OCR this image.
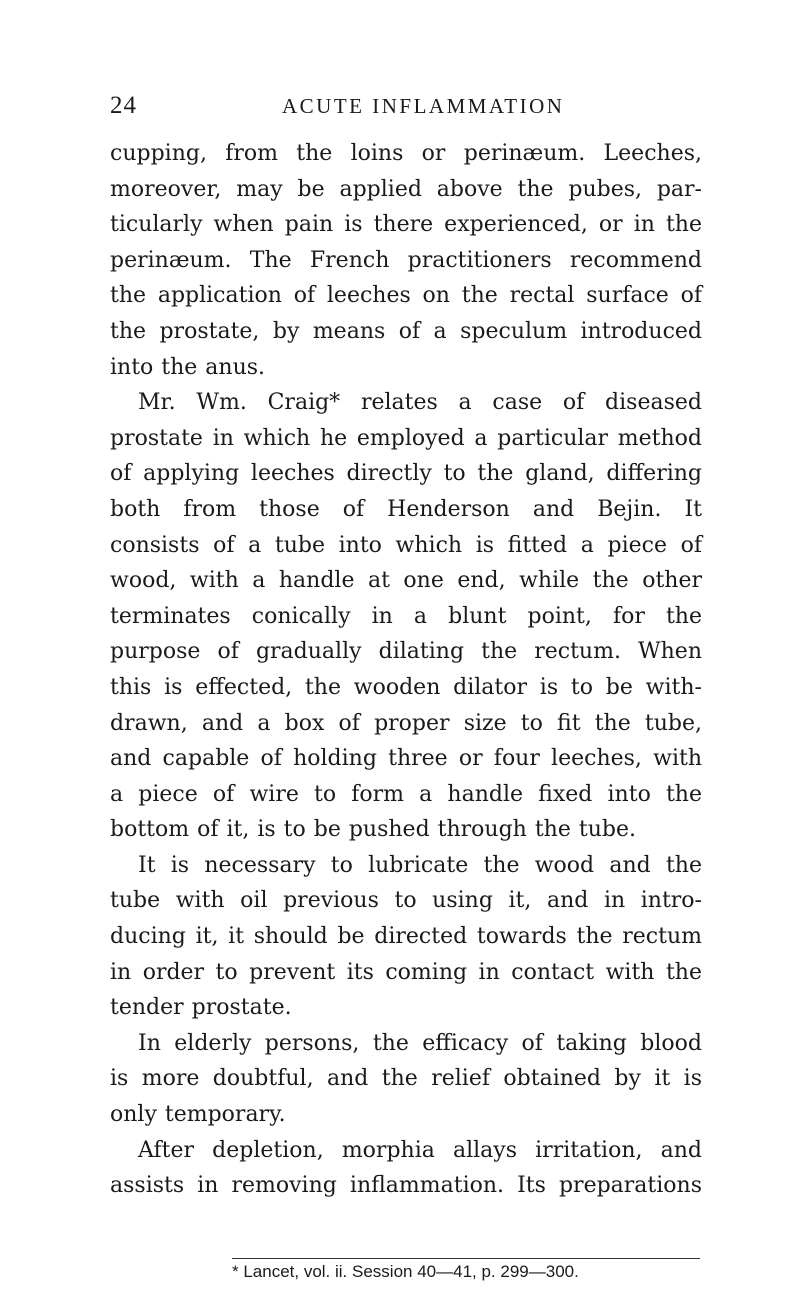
24	ACUTE INFLAMMATION

cupping, from the loins or perinæum. Leeches,

moreover, may be applied above the pubes, par-

ticularly when pain is there experienced, or in the

perinæum. The French practitioners recommend

the application of leeches on the rectal surface of

the prostate, by means of a speculum introduced

into the anus.

Mr. Wm. Craig* relates a case of diseased

prostate in which he employed a particular method

of applying leeches directly to the gland, differing

both from those of Henderson and Bejin. It

consists of a tube into which is fitted a piece of

wood, with a handle at one end, while the other

terminates conically in a blunt point, for the

purpose of gradually dilating the rectum. When

this is effected, the wooden dilator is to be with-

drawn, and a box of proper size to fit the tube,

and capable of holding three or four leeches, with

a piece of wire to form a handle fixed into the

bottom of it, is to be pushed through the tube.

It is necessary to lubricate the wood and the

tube with oil previous to using it, and in intro-

ducing it, it should be directed towards the rectum

in order to prevent its coming in contact with the

tender prostate.

In elderly persons, the efficacy of taking blood

is more doubtful, and the relief obtained by it is

only temporary.

After depletion, morphia allays irritation, and

assists in removing inflammation. Its preparations

* Lancet, vol. ii. Session 40—41, p. 299—300.
